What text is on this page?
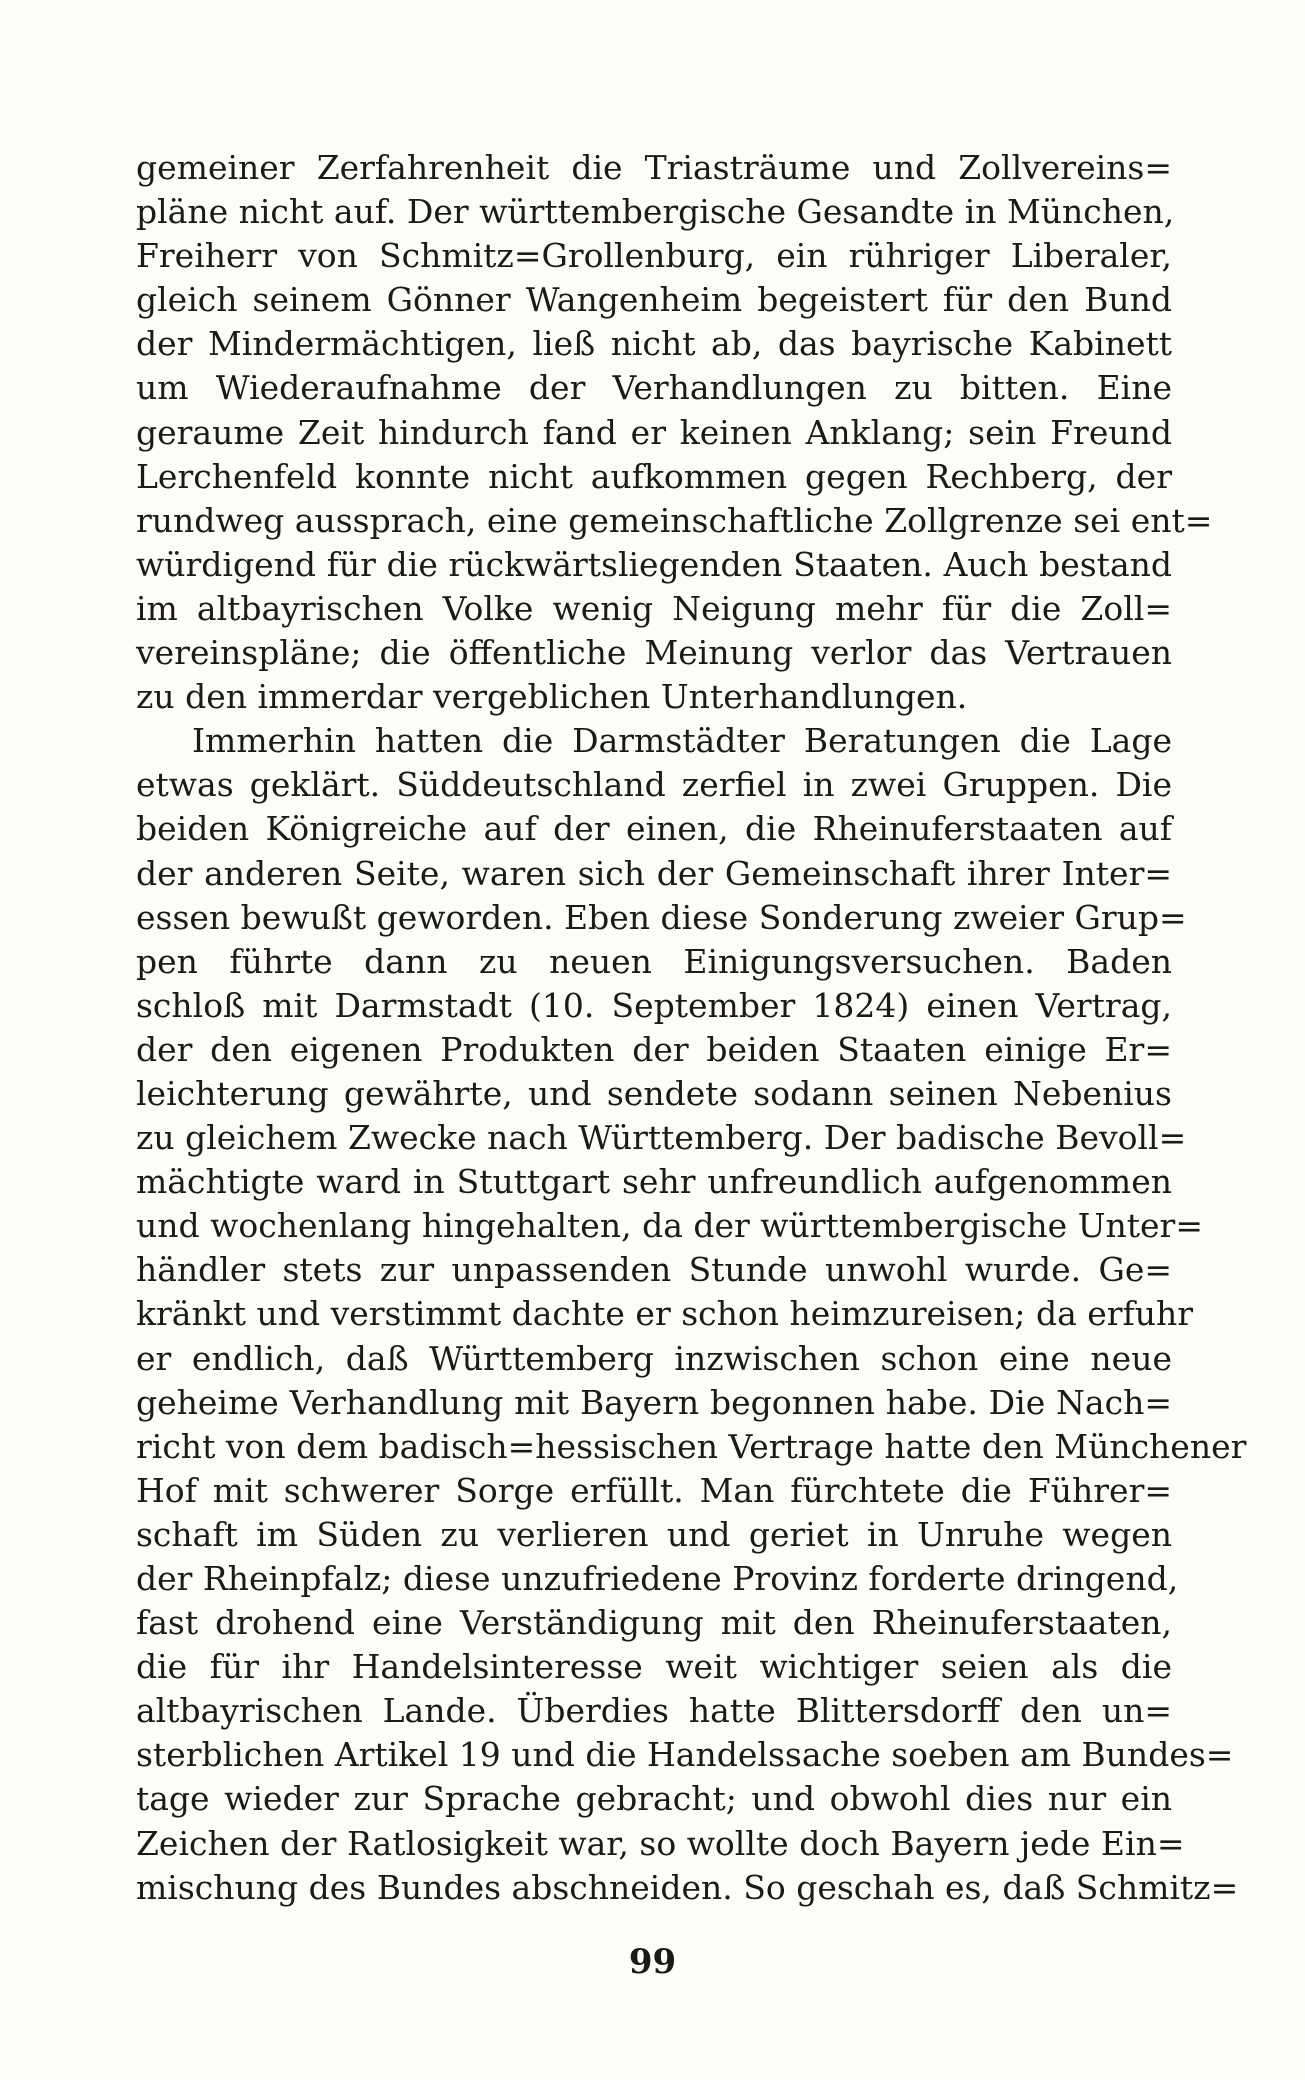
gemeiner Zerfahrenheit die Triasträume und Zollvereins=
pläne nicht auf. Der württembergische Gesandte in München,
Freiherr von Schmitz=Grollenburg, ein rühriger Liberaler,
gleich seinem Gönner Wangenheim begeistert für den Bund
der Mindermächtigen, ließ nicht ab, das bayrische Kabinett
um Wiederaufnahme der Verhandlungen zu bitten. Eine
geraume Zeit hindurch fand er keinen Anklang; sein Freund
Lerchenfeld konnte nicht aufkommen gegen Rechberg, der
rundweg aussprach, eine gemeinschaftliche Zollgrenze sei ent=
würdigend für die rückwärtsliegenden Staaten. Auch bestand
im altbayrischen Volke wenig Neigung mehr für die Zoll=
vereinspläne; die öffentliche Meinung verlor das Vertrauen
zu den immerdar vergeblichen Unterhandlungen.
Immerhin hatten die Darmstädter Beratungen die Lage
etwas geklärt. Süddeutschland zerfiel in zwei Gruppen. Die
beiden Königreiche auf der einen, die Rheinuferstaaten auf
der anderen Seite, waren sich der Gemeinschaft ihrer Inter=
essen bewußt geworden. Eben diese Sonderung zweier Grup=
pen führte dann zu neuen Einigungsversuchen. Baden
schloß mit Darmstadt (10. September 1824) einen Vertrag,
der den eigenen Produkten der beiden Staaten einige Er=
leichterung gewährte, und sendete sodann seinen Nebenius
zu gleichem Zwecke nach Württemberg. Der badische Bevoll=
mächtigte ward in Stuttgart sehr unfreundlich aufgenommen
und wochenlang hingehalten, da der württembergische Unter=
händler stets zur unpassenden Stunde unwohl wurde. Ge=
kränkt und verstimmt dachte er schon heimzureisen; da erfuhr
er endlich, daß Württemberg inzwischen schon eine neue
geheime Verhandlung mit Bayern begonnen habe. Die Nach=
richt von dem badisch=hessischen Vertrage hatte den Münchener
Hof mit schwerer Sorge erfüllt. Man fürchtete die Führer=
schaft im Süden zu verlieren und geriet in Unruhe wegen
der Rheinpfalz; diese unzufriedene Provinz forderte dringend,
fast drohend eine Verständigung mit den Rheinuferstaaten,
die für ihr Handelsinteresse weit wichtiger seien als die
altbayrischen Lande. Überdies hatte Blittersdorff den un=
sterblichen Artikel 19 und die Handelssache soeben am Bundes=
tage wieder zur Sprache gebracht; und obwohl dies nur ein
Zeichen der Ratlosigkeit war, so wollte doch Bayern jede Ein=
mischung des Bundes abschneiden. So geschah es, daß Schmitz=
99
